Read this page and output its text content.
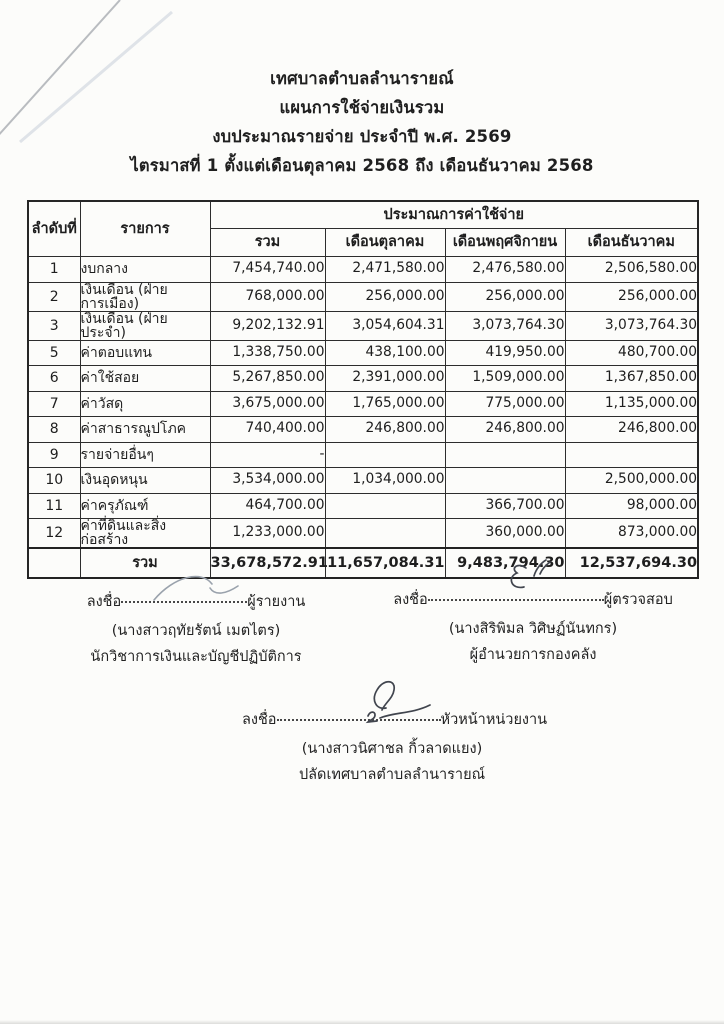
เทศบาลตำบลลำนารายณ์
แผนการใช้จ่ายเงินรวม
งบประมาณรายจ่าย ประจำปี พ.ศ. 2569
ไตรมาสที่ 1 ตั้งแต่เดือนตุลาคม 2568 ถึง เดือนธันวาคม 2568
ลำดับที่	รายการ	ประมาณการค่าใช้จ่าย			
		รวม	เดือนตุลาคม	เดือนพฤศจิกายน	เดือนธันวาคม
1	งบกลาง	7,454,740.00	2,471,580.00	2,476,580.00	2,506,580.00
2	เงินเดือน (ฝ่ายการเมือง)	768,000.00	256,000.00	256,000.00	256,000.00
3	เงินเดือน (ฝ่ายประจำ)	9,202,132.91	3,054,604.31	3,073,764.30	3,073,764.30
5	ค่าตอบแทน	1,338,750.00	438,100.00	419,950.00	480,700.00
6	ค่าใช้สอย	5,267,850.00	2,391,000.00	1,509,000.00	1,367,850.00
7	ค่าวัสดุ	3,675,000.00	1,765,000.00	775,000.00	1,135,000.00
8	ค่าสาธารณูปโภค	740,400.00	246,800.00	246,800.00	246,800.00
9	รายจ่ายอื่นๆ	-			
10	เงินอุดหนุน	3,534,000.00	1,034,000.00		2,500,000.00
11	ค่าครุภัณฑ์	464,700.00		366,700.00	98,000.00
12	ค่าที่ดินและสิ่งก่อสร้าง	1,233,000.00		360,000.00	873,000.00
	รวม	33,678,572.91	11,657,084.31	9,483,794.30	12,537,694.30
ลงชื่อ	ผู้รายงาน
(นางสาวฤทัยรัตน์ เมตไตร)
นักวิชาการเงินและบัญชีปฏิบัติการ
ลงชื่อ	ผู้ตรวจสอบ
(นางสิริพิมล วิศิษฏ์นันทกร)
ผู้อำนวยการกองคลัง
ลงชื่อ	หัวหน้าหน่วยงาน
(นางสาวนิศาชล กิ้วลาดแยง)
ปลัดเทศบาลตำบลลำนารายณ์
